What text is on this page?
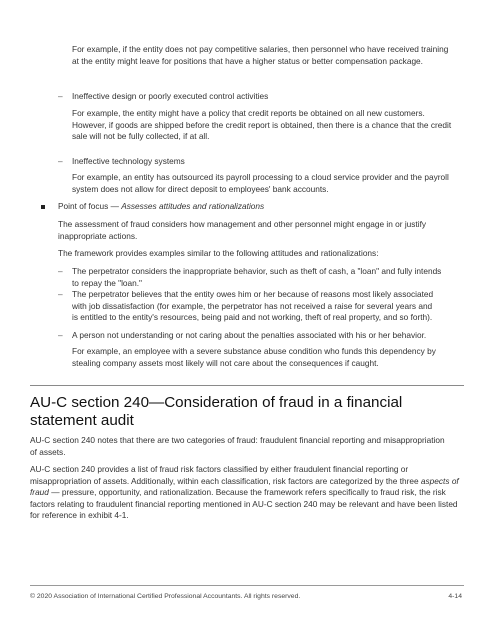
For example, if the entity does not pay competitive salaries, then personnel who have received training at the entity might leave for positions that have a higher status or better compensation package.

– Ineffective design or poorly executed control activities

For example, the entity might have a policy that credit reports be obtained on all new customers. However, if goods are shipped before the credit report is obtained, then there is a chance that the credit sale will not be fully collected, if at all.

– Ineffective technology systems

For example, an entity has outsourced its payroll processing to a cloud service provider and the payroll system does not allow for direct deposit to employees' bank accounts.

Point of focus — Assesses attitudes and rationalizations

The assessment of fraud considers how management and other personnel might engage in or justify inappropriate actions.

The framework provides examples similar to the following attitudes and rationalizations:

– The perpetrator considers the inappropriate behavior, such as theft of cash, a "loan" and fully intends to repay the "loan."

– The perpetrator believes that the entity owes him or her because of reasons most likely associated with job dissatisfaction (for example, the perpetrator has not received a raise for several years and is entitled to the entity's resources, being paid and not working, theft of real property, and so forth).

– A person not understanding or not caring about the penalties associated with his or her behavior.

For example, an employee with a severe substance abuse condition who funds this dependency by stealing company assets most likely will not care about the consequences if caught.

AU-C section 240—Consideration of fraud in a financial statement audit

AU-C section 240 notes that there are two categories of fraud: fraudulent financial reporting and misappropriation of assets.

AU-C section 240 provides a list of fraud risk factors classified by either fraudulent financial reporting or misappropriation of assets. Additionally, within each classification, risk factors are categorized by the three aspects of fraud — pressure, opportunity, and rationalization. Because the framework refers specifically to fraud risk, the risk factors relating to fraudulent financial reporting mentioned in AU-C section 240 may be relevant and have been listed for reference in exhibit 4-1.

© 2020 Association of International Certified Professional Accountants. All rights reserved.	4-14
